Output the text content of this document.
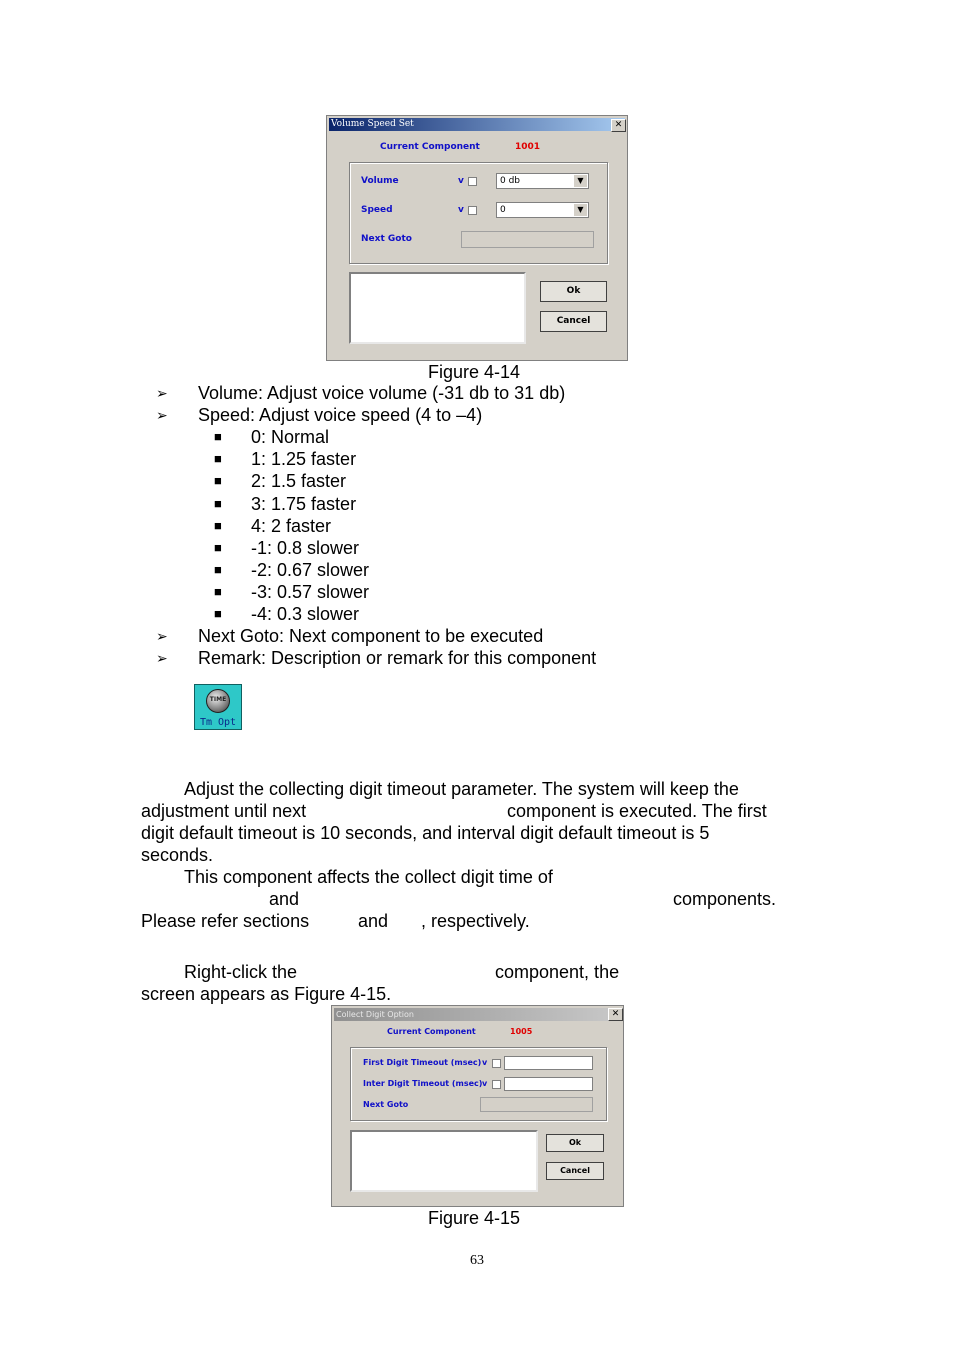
Volume Speed Set	✕
Current Component	1001
Volume	v	0 db	▼
Speed	v	0	▼
Next Goto
Ok
Cancel
Figure 4-14
➢ Volume: Adjust voice volume (-31 db to 31 db)
➢ Speed: Adjust voice speed (4 to –4)
■ 0: Normal
■ 1: 1.25 faster
■ 2: 1.5 faster
■ 3: 1.75 faster
■ 4: 2 faster
■ -1: 0.8 slower
■ -2: 0.67 slower
■ -3: 0.57 slower
■ -4: 0.3 slower
➢ Next Goto: Next component to be executed
➢ Remark: Description or remark for this component
TIME
Tm Opt
Adjust the collecting digit timeout parameter. The system will keep the
adjustment until next	component is executed. The first
digit default timeout is 10 seconds, and interval digit default timeout is 5
seconds.
This component affects the collect digit time of
and	components.
Please refer sections	and , respectively.
Right-click the	component, the
screen appears as Figure 4-15.
Collect Digit Option	✕
Current Component	1005
First Digit Timeout (msec) v
Inter Digit Timeout (msec) v
Next Goto
Ok
Cancel
Figure 4-15
63
